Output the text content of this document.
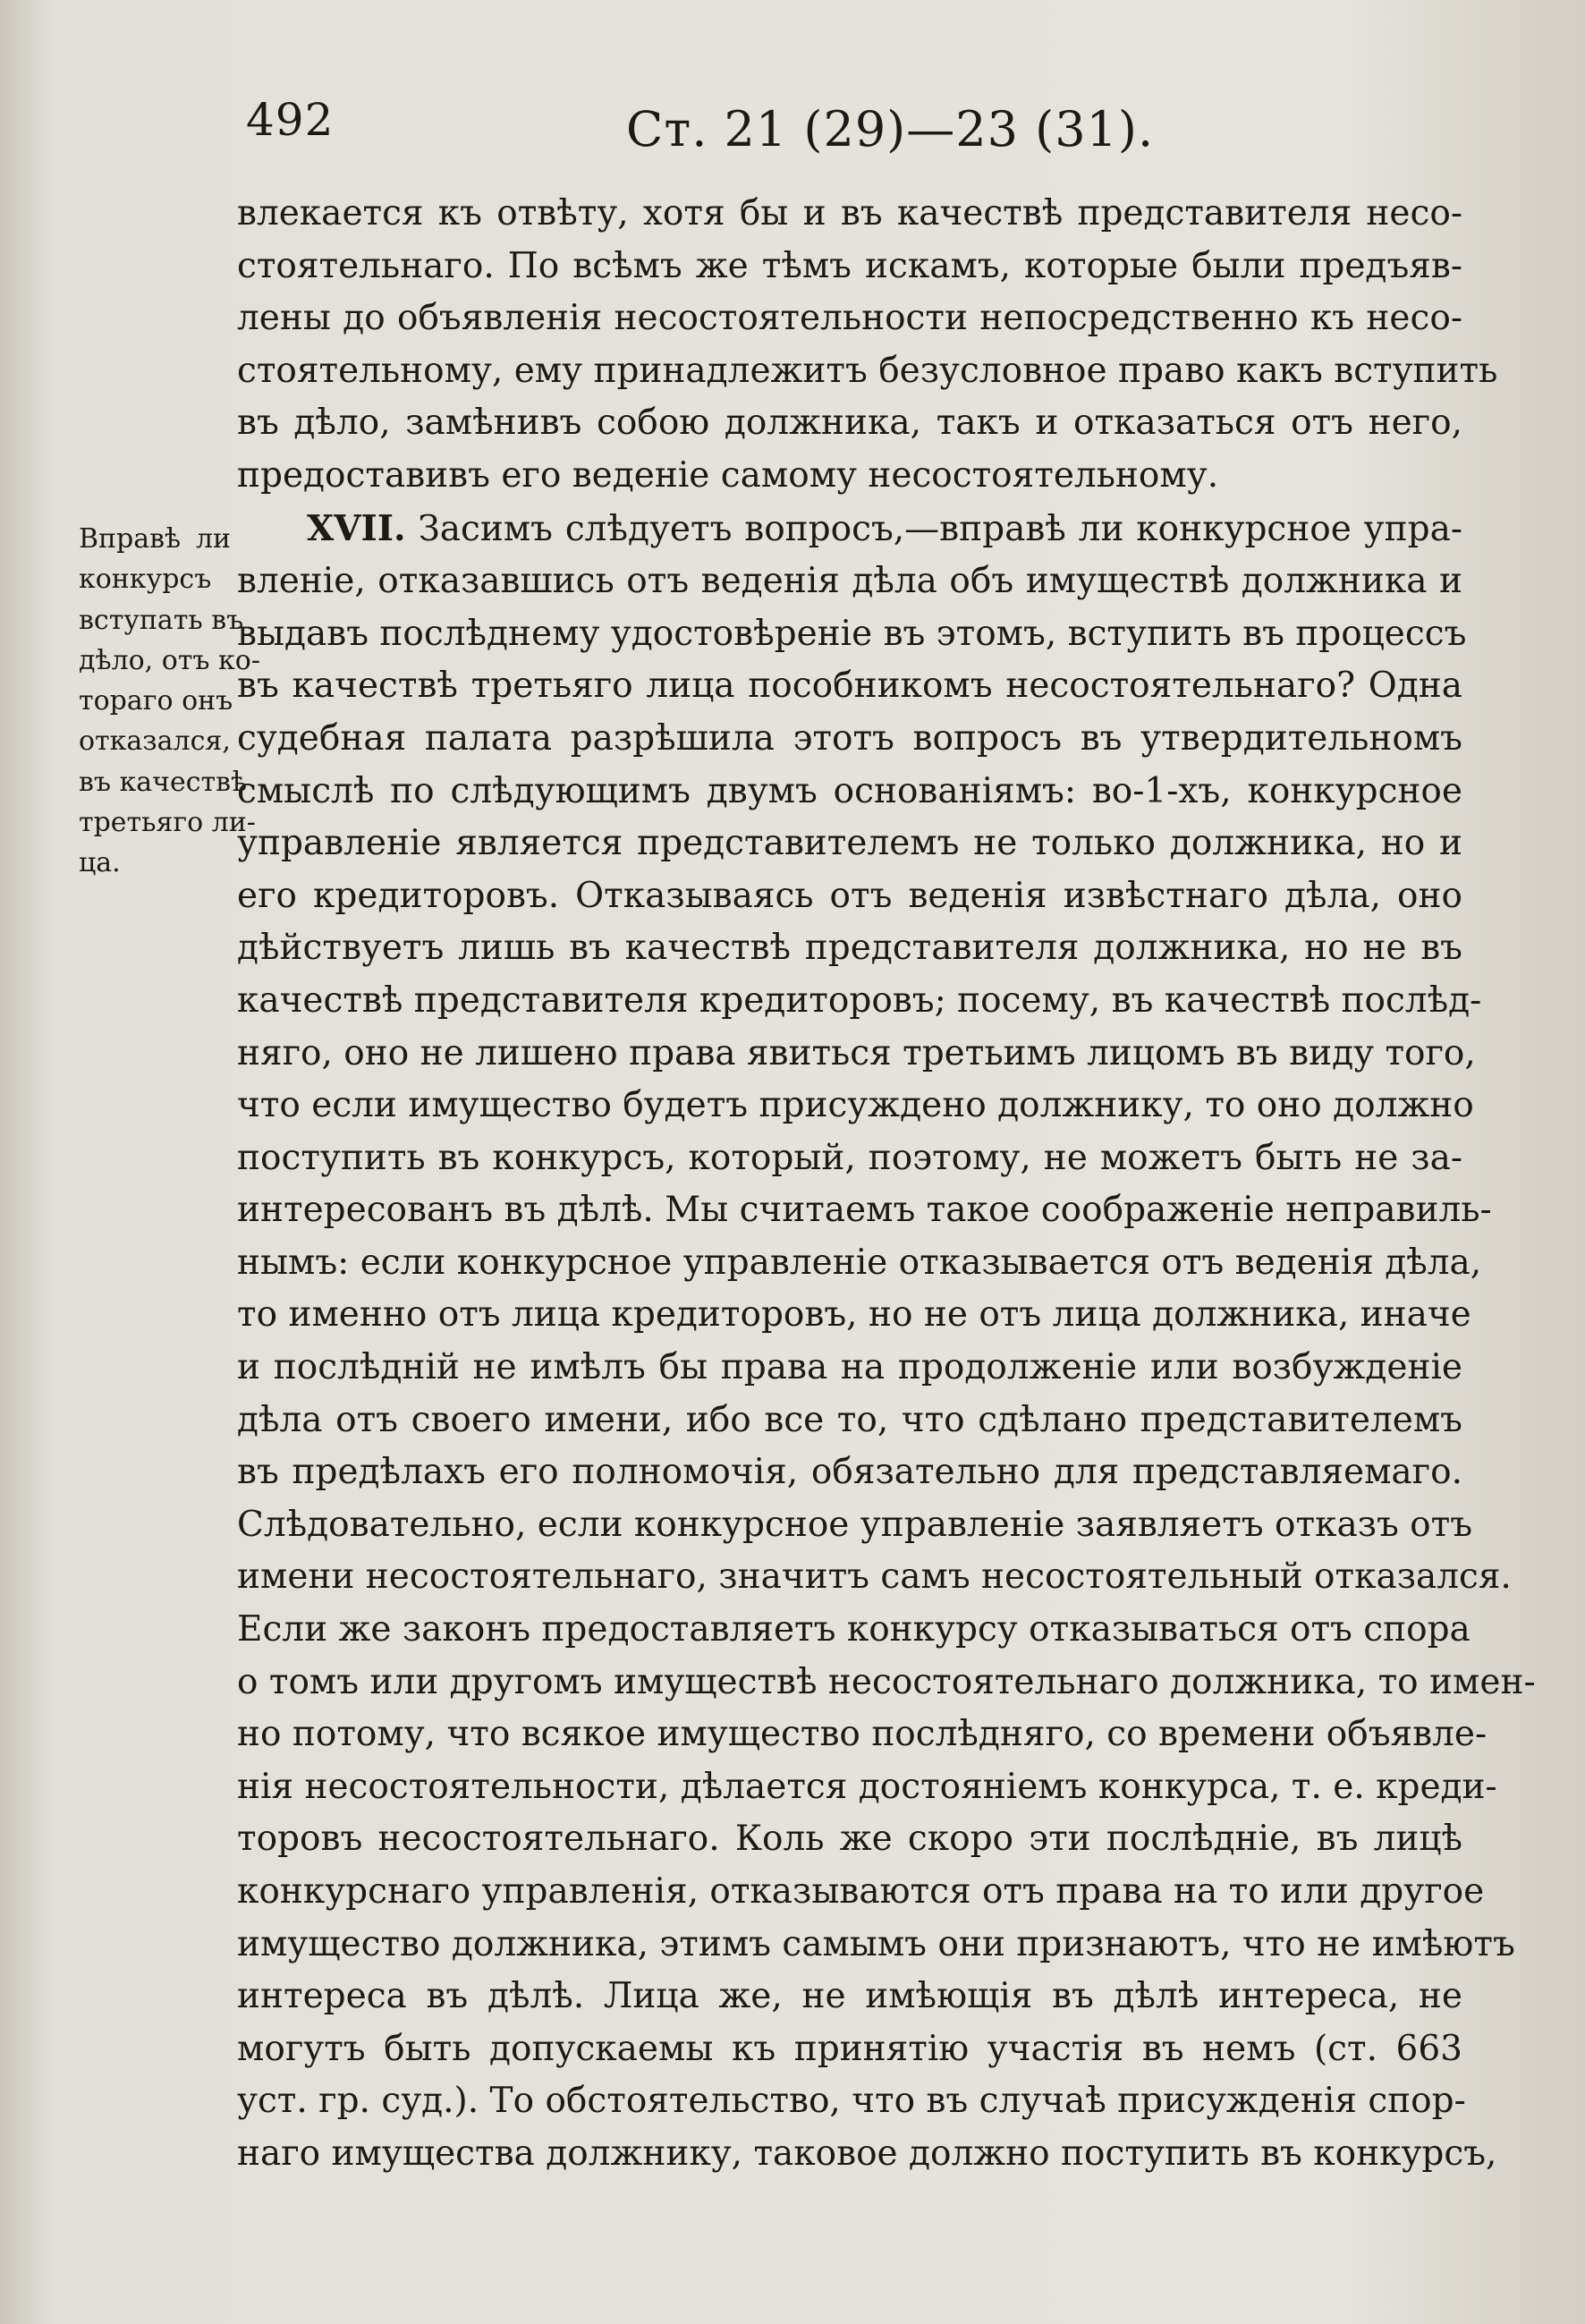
492	Ст. 21 (29)—23 (31).
Вправѣ ли
конкурсъ
вступать въ
дѣло, отъ ко-
тораго онъ
отказался,
въ качествѣ
третьяго ли-
ца.
влекается къ отвѣту, хотя бы и въ качествѣ представителя несо-
стоятельнаго. По всѣмъ же тѣмъ искамъ, которые были предъяв-
лены до объявленія несостоятельности непосредственно къ несо-
стоятельному, ему принадлежитъ безусловное право какъ вступить
въ дѣло, замѣнивъ собою должника, такъ и отказаться отъ него,
предоставивъ его веденіе самому несостоятельному.
  XVII. Засимъ слѣдуетъ вопросъ,—вправѣ ли конкурсное упра-
вленіе, отказавшись отъ веденія дѣла объ имуществѣ должника и
выдавъ послѣднему удостовѣреніе въ этомъ, вступить въ процессъ
въ качествѣ третьяго лица пособникомъ несостоятельнаго? Одна
судебная палата разрѣшила этотъ вопросъ въ утвердительномъ
смыслѣ по слѣдующимъ двумъ основаніямъ: во-1-хъ, конкурсное
управленіе является представителемъ не только должника, но и
его кредиторовъ. Отказываясь отъ веденія извѣстнаго дѣла, оно
дѣйствуетъ лишь въ качествѣ представителя должника, но не въ
качествѣ представителя кредиторовъ; посему, въ качествѣ послѣд-
няго, оно не лишено права явиться третьимъ лицомъ въ виду того,
что если имущество будетъ присуждено должнику, то оно должно
поступить въ конкурсъ, который, поэтому, не можетъ быть не за-
интересованъ въ дѣлѣ. Мы считаемъ такое соображеніе неправиль-
нымъ: если конкурсное управленіе отказывается отъ веденія дѣла,
то именно отъ лица кредиторовъ, но не отъ лица должника, иначе
и послѣдній не имѣлъ бы права на продолженіе или возбужденіе
дѣла отъ своего имени, ибо все то, что сдѣлано представителемъ
въ предѣлахъ его полномочія, обязательно для представляемаго.
Слѣдовательно, если конкурсное управленіе заявляетъ отказъ отъ
имени несостоятельнаго, значитъ самъ несостоятельный отказался.
Если же законъ предоставляетъ конкурсу отказываться отъ спора
о томъ или другомъ имуществѣ несостоятельнаго должника, то имен-
но потому, что всякое имущество послѣдняго, со времени объявле-
нія несостоятельности, дѣлается достояніемъ конкурса, т. е. креди-
торовъ несостоятельнаго. Коль же скоро эти послѣдніе, въ лицѣ
конкурснаго управленія, отказываются отъ права на то или другое
имущество должника, этимъ самымъ они признаютъ, что не имѣютъ
интереса въ дѣлѣ. Лица же, не имѣющія въ дѣлѣ интереса, не
могутъ быть допускаемы къ принятію участія въ немъ (ст. 663
уст. гр. суд.). То обстоятельство, что въ случаѣ присужденія спор-
наго имущества должнику, таковое должно поступить въ конкурсъ,
